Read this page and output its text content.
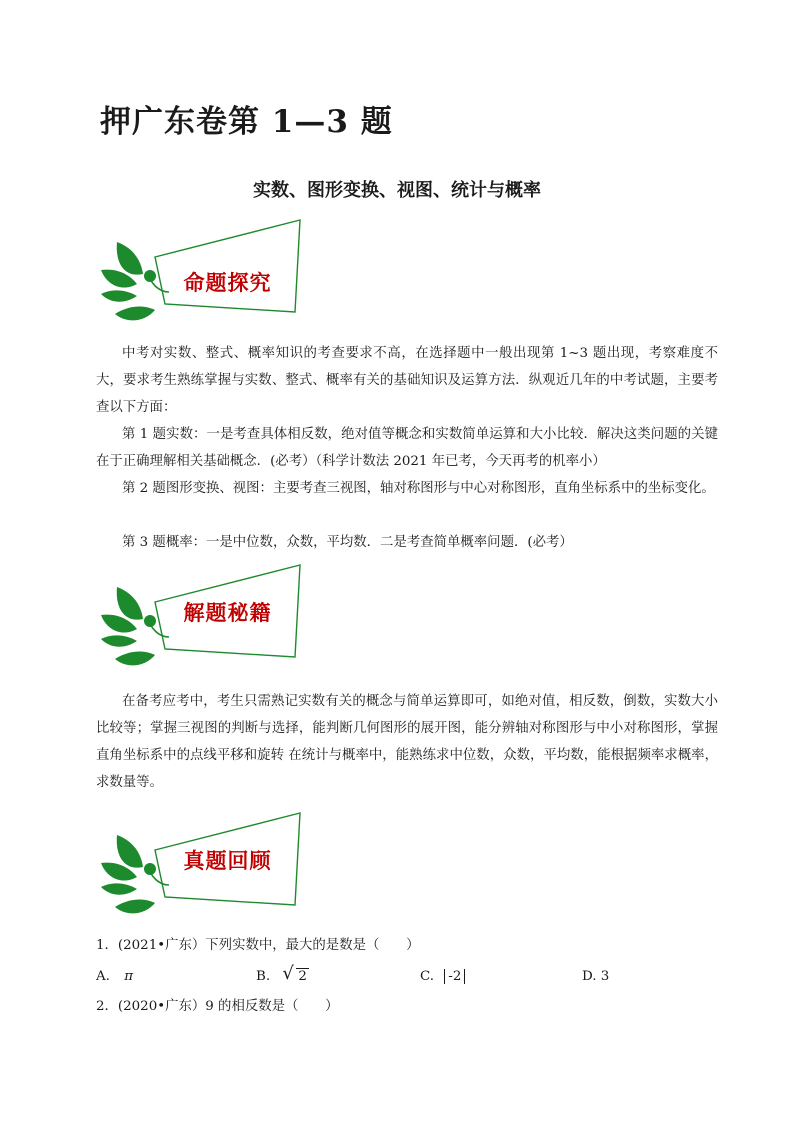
押广东卷第 1—3 题
实数、图形变换、视图、统计与概率
命题探究

中考对实数、整式、概率知识的考查要求不高，在选择题中一般出现第 1~3 题出现，考察难度不大，要求考生熟练掌握与实数、整式、概率有关的基础知识及运算方法．纵观近几年的中考试题，主要考查以下方面：

第 1 题实数：一是考查具体相反数，绝对值等概念和实数简单运算和大小比较．解决这类问题的关键在于正确理解相关基础概念．(必考）（科学计数法 2021 年已考，今天再考的机率小）

第 2 题图形变换、视图：主要考查三视图，轴对称图形与中心对称图形，直角坐标系中的坐标变化。

第 3 题概率：一是中位数，众数，平均数．二是考查简单概率问题．(必考）

解题秘籍

在备考应考中，考生只需熟记实数有关的概念与简单运算即可，如绝对值，相反数，倒数，实数大小比较等；掌握三视图的判断与选择，能判断几何图形的展开图，能分辨轴对称图形与中小对称图形，掌握直角坐标系中的点线平移和旋转 在统计与概率中，能熟练求中位数，众数，平均数，能根据频率求概率，求数量等。

真题回顾
1．(2021•广东）下列实数中，最大的是数是（　　）
A. π	B. √ 2	C. -2	D. 3
2．(2020•广东）9 的相反数是（　　）
